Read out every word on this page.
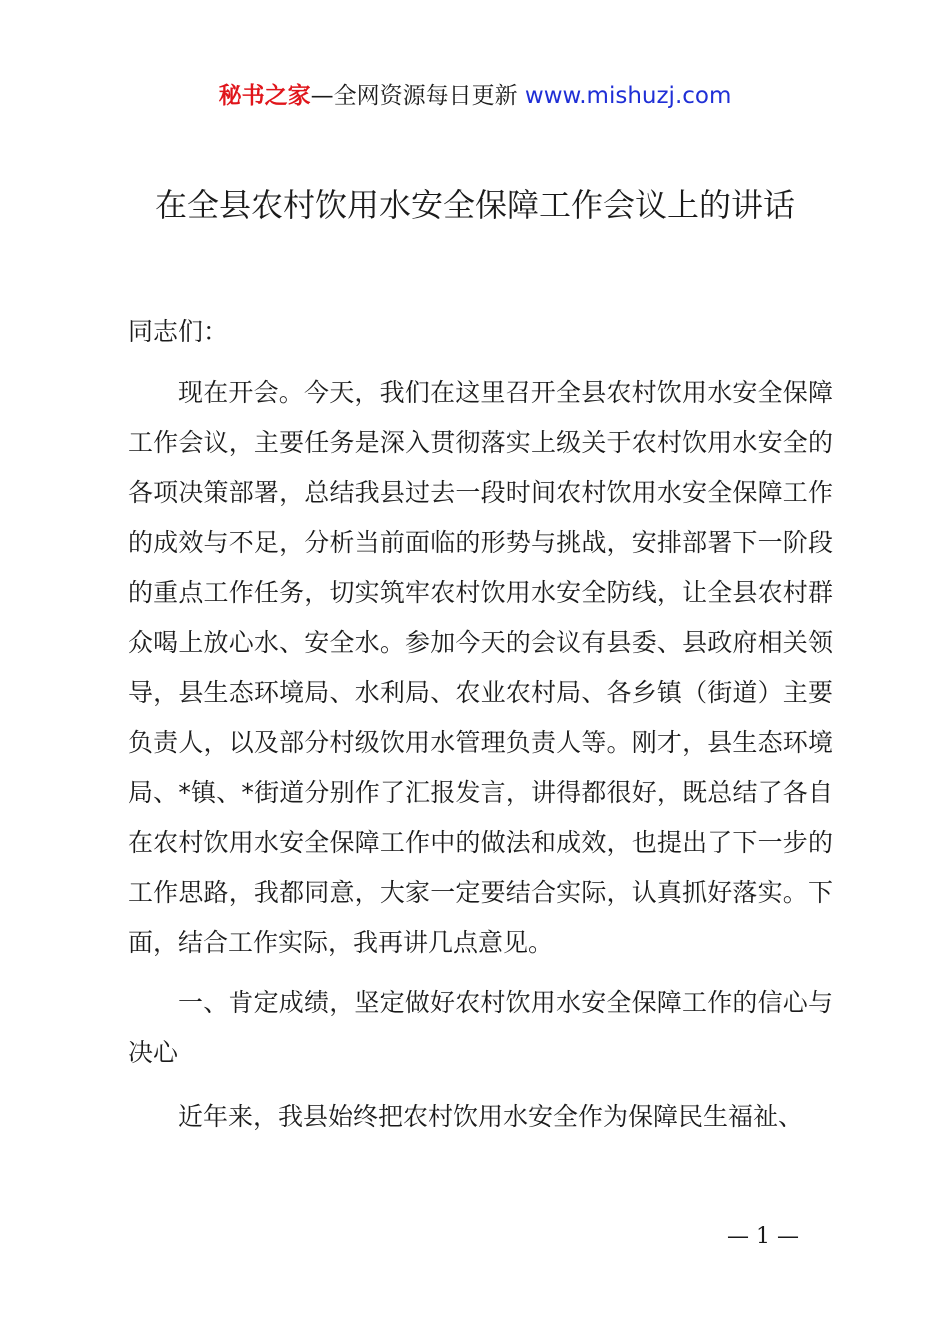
秘书之家—全网资源每日更新 www.mishuzj.com
在全县农村饮用水安全保障工作会议上的讲话
同志们：

现在开会。今天，我们在这里召开全县农村饮用水安全保障工作会议，主要任务是深入贯彻落实上级关于农村饮用水安全的各项决策部署，总结我县过去一段时间农村饮用水安全保障工作的成效与不足，分析当前面临的形势与挑战，安排部署下一阶段的重点工作任务，切实筑牢农村饮用水安全防线，让全县农村群众喝上放心水、安全水。参加今天的会议有县委、县政府相关领导，县生态环境局、水利局、农业农村局、各乡镇（街道）主要负责人，以及部分村级饮用水管理负责人等。刚才，县生态环境局、*镇、*街道分别作了汇报发言，讲得都很好，既总结了各自在农村饮用水安全保障工作中的做法和成效，也提出了下一步的工作思路，我都同意，大家一定要结合实际，认真抓好落实。下面，结合工作实际，我再讲几点意见。

一、肯定成绩，坚定做好农村饮用水安全保障工作的信心与决心

近年来，我县始终把农村饮用水安全作为保障民生福祉、

— 1 —
